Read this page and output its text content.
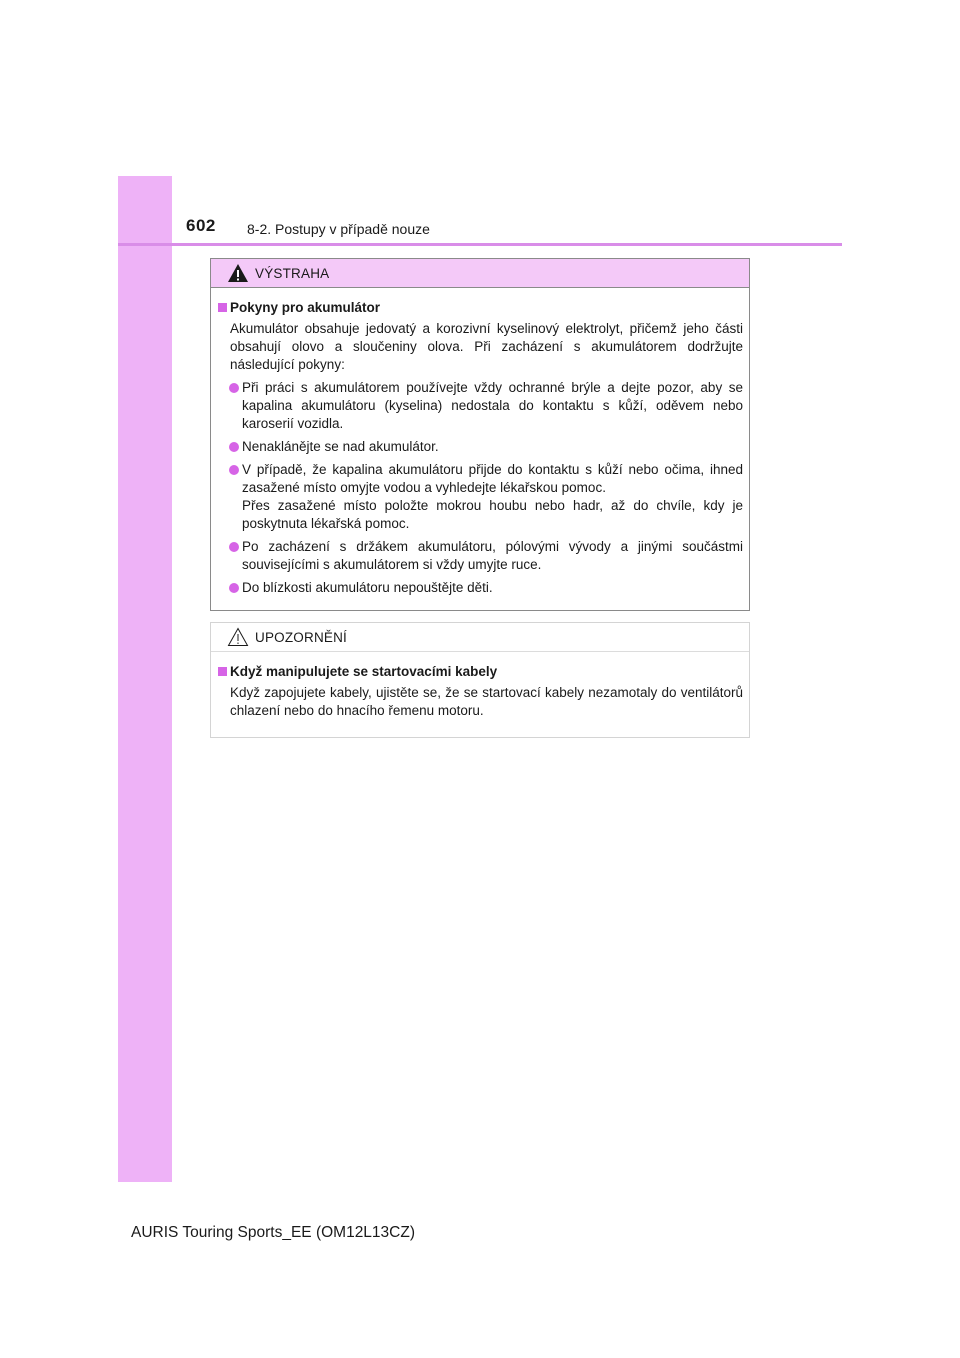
602 8-2. Postupy v případě nouze
VÝSTRAHA
Pokyny pro akumulátor
Akumulátor obsahuje jedovatý a korozivní kyselinový elektrolyt, přičemž jeho části obsahují olovo a sloučeniny olova. Při zacházení s akumulátorem dodržujte následující pokyny:
Při práci s akumulátorem používejte vždy ochranné brýle a dejte pozor, aby se kapalina akumulátoru (kyselina) nedostala do kontaktu s kůží, oděvem nebo karoserií vozidla.
Nenaklánějte se nad akumulátor.
V případě, že kapalina akumulátoru přijde do kontaktu s kůží nebo očima, ihned zasažené místo omyjte vodou a vyhledejte lékařskou pomoc.
Přes zasažené místo položte mokrou houbu nebo hadr, až do chvíle, kdy je poskytnuta lékařská pomoc.
Po zacházení s držákem akumulátoru, pólovými vývody a jinými součástmi souvisejícími s akumulátorem si vždy umyjte ruce.
Do blízkosti akumulátoru nepouštějte děti.
UPOZORNĚNÍ
Když manipulujete se startovacími kabely
Když zapojujete kabely, ujistěte se, že se startovací kabely nezamotaly do ventilátorů chlazení nebo do hnacího řemenu motoru.
AURIS Touring Sports_EE (OM12L13CZ)
